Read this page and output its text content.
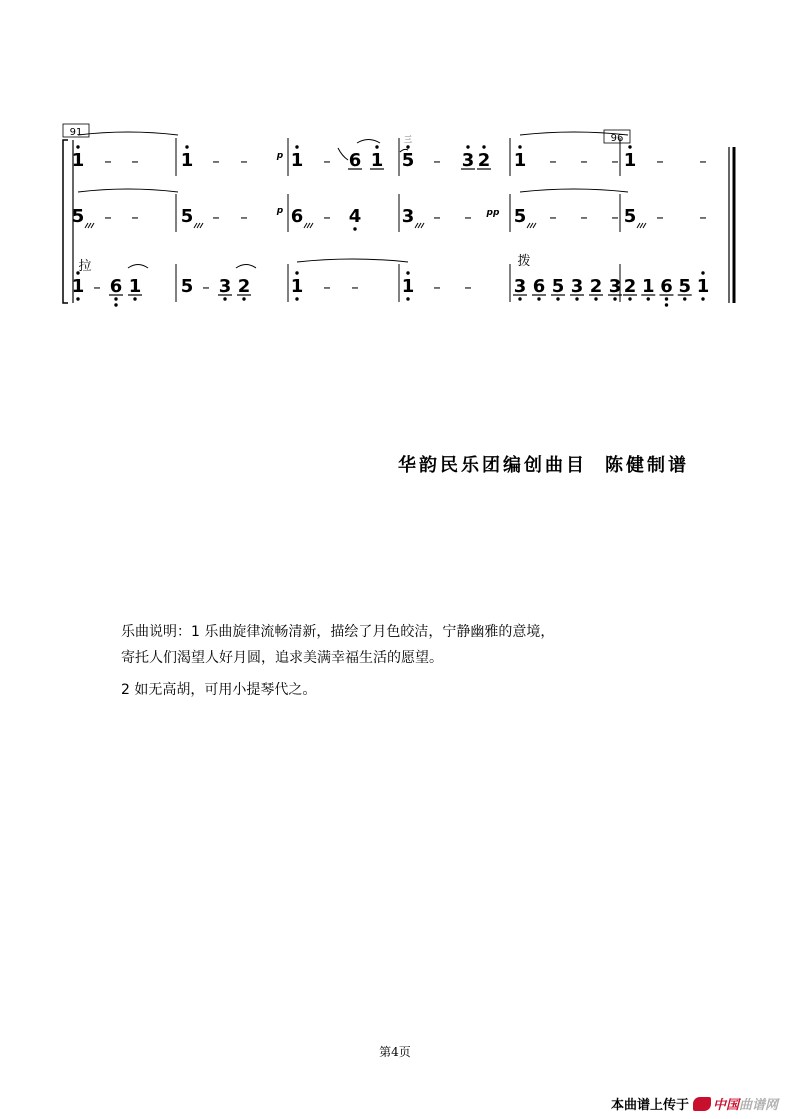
91
96
1 – – 1 – – 1 – 6 1 5 – 3 2 1 – – – 1 – –
5 – – 5 – – 6 – 4 3 – – 5 – – – 5 – –
1 – 6 1 5 – 3 2 1 – – 1 – – 3 6 5 3 2 3 2 1 6 5 1
p
p	pp
拉	拨
三
华韵民乐团编创曲目 陈健制谱

乐曲说明：1 乐曲旋律流畅清新，描绘了月色皎洁，宁静幽雅的意境，

寄托人们渴望人好月圆，追求美满幸福生活的愿望。

2 如无高胡，可用小提琴代之。

第4页
本曲谱上传于 中国曲谱网
